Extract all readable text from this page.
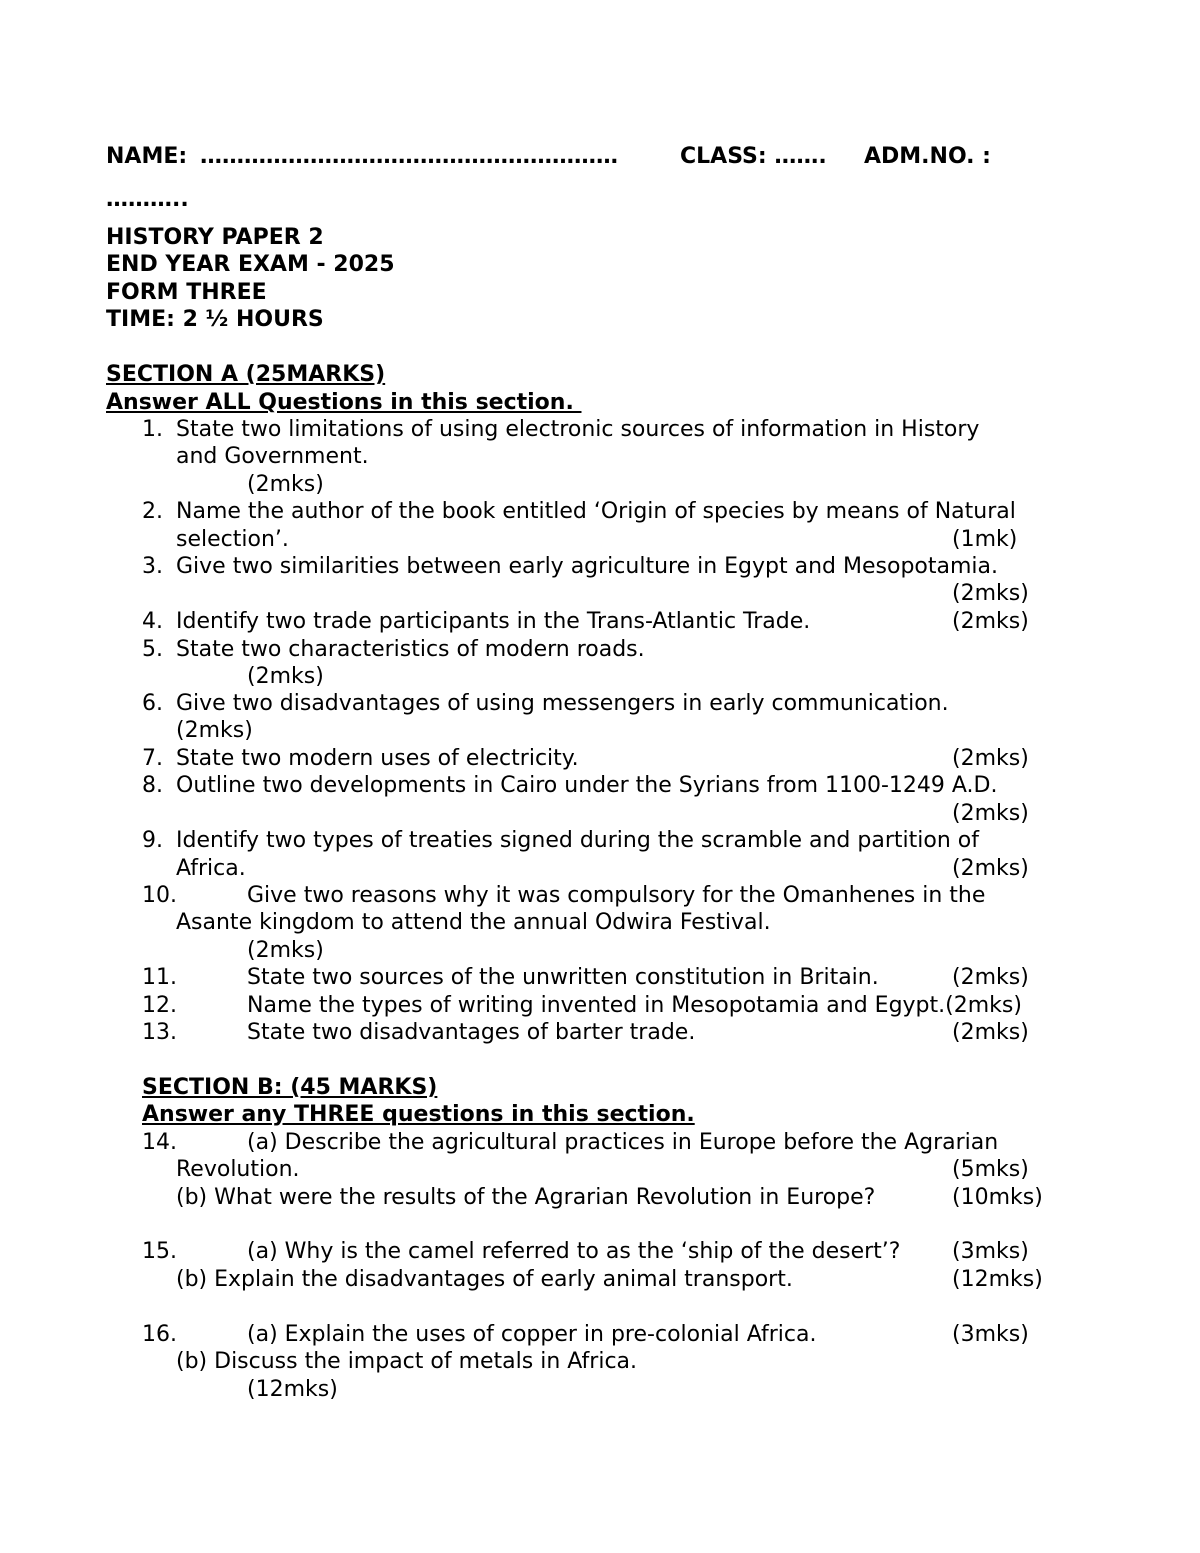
NAME: …………………………………………………	CLASS: ……. ADM.NO. :
………..
HISTORY PAPER 2
END YEAR EXAM - 2025
FORM THREE
TIME: 2 ½ HOURS
SECTION A (25MARKS)
Answer ALL Questions in this section.
1. State two limitations of using electronic sources of information in History
and Government.
(2mks)
2. Name the author of the book entitled ‘Origin of species by means of Natural
selection’.	(1mk)
3. Give two similarities between early agriculture in Egypt and Mesopotamia.
(2mks)
4. Identify two trade participants in the Trans-Atlantic Trade.	(2mks)
5. State two characteristics of modern roads.
(2mks)
6. Give two disadvantages of using messengers in early communication.
(2mks)
7. State two modern uses of electricity.	(2mks)
8. Outline two developments in Cairo under the Syrians from 1100-1249 A.D.
(2mks)
9. Identify two types of treaties signed during the scramble and partition of
Africa.	(2mks)
10.	Give two reasons why it was compulsory for the Omanhenes in the
Asante kingdom to attend the annual Odwira Festival.
(2mks)
11.	State two sources of the unwritten constitution in Britain.	(2mks)
12.	Name the types of writing invented in Mesopotamia and Egypt.(2mks)
13.	State two disadvantages of barter trade.	(2mks)
SECTION B: (45 MARKS)
Answer any THREE questions in this section.
14.	(a) Describe the agricultural practices in Europe before the Agrarian
Revolution.	(5mks)
(b) What were the results of the Agrarian Revolution in Europe?	(10mks)
15.	(a) Why is the camel referred to as the ‘ship of the desert’? (3mks)
(b) Explain the disadvantages of early animal transport.	(12mks)
16.	(a) Explain the uses of copper in pre-colonial Africa.	(3mks)
(b) Discuss the impact of metals in Africa.
(12mks)
